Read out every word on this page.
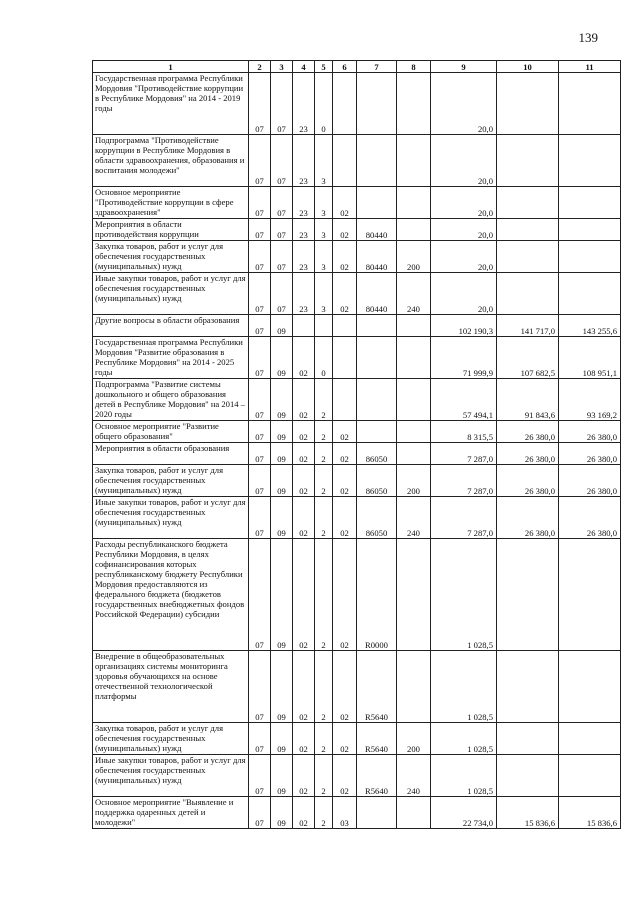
139
1	2	3	4	5	6	7	8	9	10	11
Государственная программа Республики Мордовия "Противодействие коррупции в Республике Мордовия" на 2014 - 2019 годы	07	07	23	0				20,0		
Подпрограмма "Противодействие коррупции в Республике Мордовия в области здравоохранения, образования и воспитания молодежи"	07	07	23	3				20,0		
Основное мероприятие "Противодействие коррупции в сфере здравоохранения"	07	07	23	3	02			20,0		
Мероприятия в области противодействия коррупции	07	07	23	3	02	80440		20,0		
Закупка товаров, работ и услуг для обеспечения государственных (муниципальных) нужд	07	07	23	3	02	80440	200	20,0		
Иные закупки товаров, работ и услуг для обеспечения государственных (муниципальных) нужд	07	07	23	3	02	80440	240	20,0		
Другие вопросы в области образования	07	09						102 190,3	141 717,0	143 255,6
Государственная программа Республики Мордовия "Развитие образования в Республике Мордовия" на 2014 - 2025 годы	07	09	02	0				71 999,9	107 682,5	108 951,1
Подпрограмма "Развитие системы дошкольного и общего образования детей в Республике Мордовия" на 2014 – 2020 годы	07	09	02	2				57 494,1	91 843,6	93 169,2
Основное мероприятие "Развитие общего образования"	07	09	02	2	02			8 315,5	26 380,0	26 380,0
Мероприятия в области образования	07	09	02	2	02	86050		7 287,0	26 380,0	26 380,0
Закупка товаров, работ и услуг для обеспечения государственных (муниципальных) нужд	07	09	02	2	02	86050	200	7 287,0	26 380,0	26 380,0
Иные закупки товаров, работ и услуг для обеспечения государственных (муниципальных) нужд	07	09	02	2	02	86050	240	7 287,0	26 380,0	26 380,0
Расходы республиканского бюджета Республики Мордовия, в целях софинансирования которых республиканскому бюджету Республики Мордовия предоставляются из федерального бюджета (бюджетов государственных внебюджетных фондов Российской Федерации) субсидии	07	09	02	2	02	R0000		1 028,5		
Внедрение в общеобразовательных организациях системы мониторинга здоровья обучающихся на основе отечественной технологической платформы	07	09	02	2	02	R5640		1 028,5		
Закупка товаров, работ и услуг для обеспечения государственных (муниципальных) нужд	07	09	02	2	02	R5640	200	1 028,5		
Иные закупки товаров, работ и услуг для обеспечения государственных (муниципальных) нужд	07	09	02	2	02	R5640	240	1 028,5		
Основное мероприятие "Выявление и поддержка одаренных детей и молодежи"	07	09	02	2	03			22 734,0	15 836,6	15 836,6
